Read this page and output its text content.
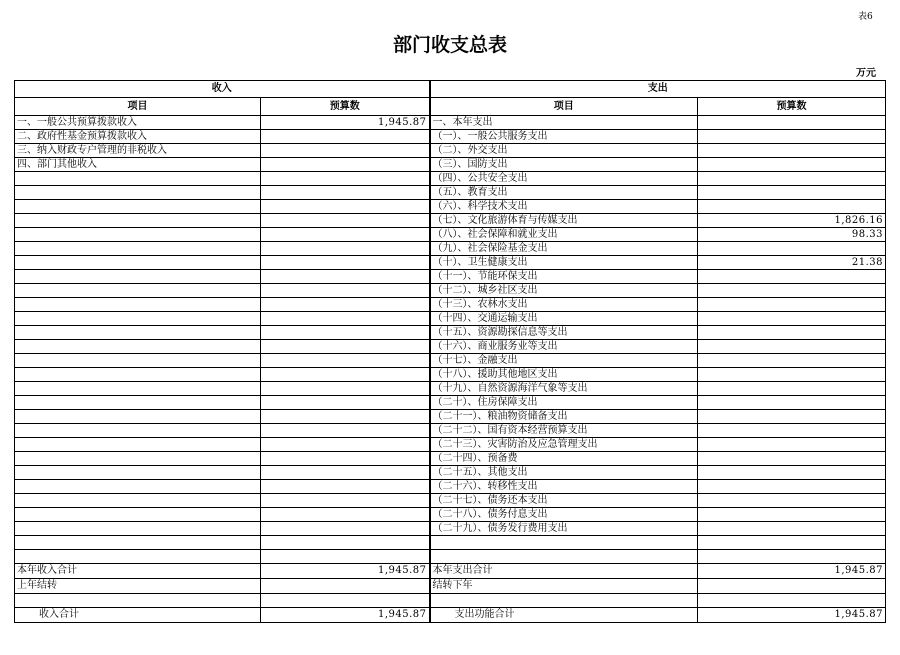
表6
部门收支总表
万元
收入		支出	
项目	预算数	项目	预算数
一、一般公共预算拨款收入	1,945.87	一、本年支出	
二、政府性基金预算拨款收入		（一）、一般公共服务支出	
三、纳入财政专户管理的非税收入		（二）、外交支出	
四、部门其他收入		（三）、国防支出	
		（四）、公共安全支出	
		（五）、教育支出	
		（六）、科学技术支出	
		（七）、文化旅游体育与传媒支出	1,826.16
		（八）、社会保障和就业支出	98.33
		（九）、社会保险基金支出	
		（十）、卫生健康支出	21.38
		（十一）、节能环保支出	
		（十二）、城乡社区支出	
		（十三）、农林水支出	
		（十四）、交通运输支出	
		（十五）、资源勘探信息等支出	
		（十六）、商业服务业等支出	
		（十七）、金融支出	
		（十八）、援助其他地区支出	
		（十九）、自然资源海洋气象等支出	
		（二十）、住房保障支出	
		（二十一）、粮油物资储备支出	
		（二十二）、国有资本经营预算支出	
		（二十三）、灾害防治及应急管理支出	
		（二十四）、预备费	
		（二十五）、其他支出	
		（二十六）、转移性支出	
		（二十七）、债务还本支出	
		（二十八）、债务付息支出	
		（二十九）、债务发行费用支出	

本年收入合计	1,945.87	本年支出合计	1,945.87
上年结转		结转下年	

收入合计	1,945.87	支出功能合计	1,945.87
